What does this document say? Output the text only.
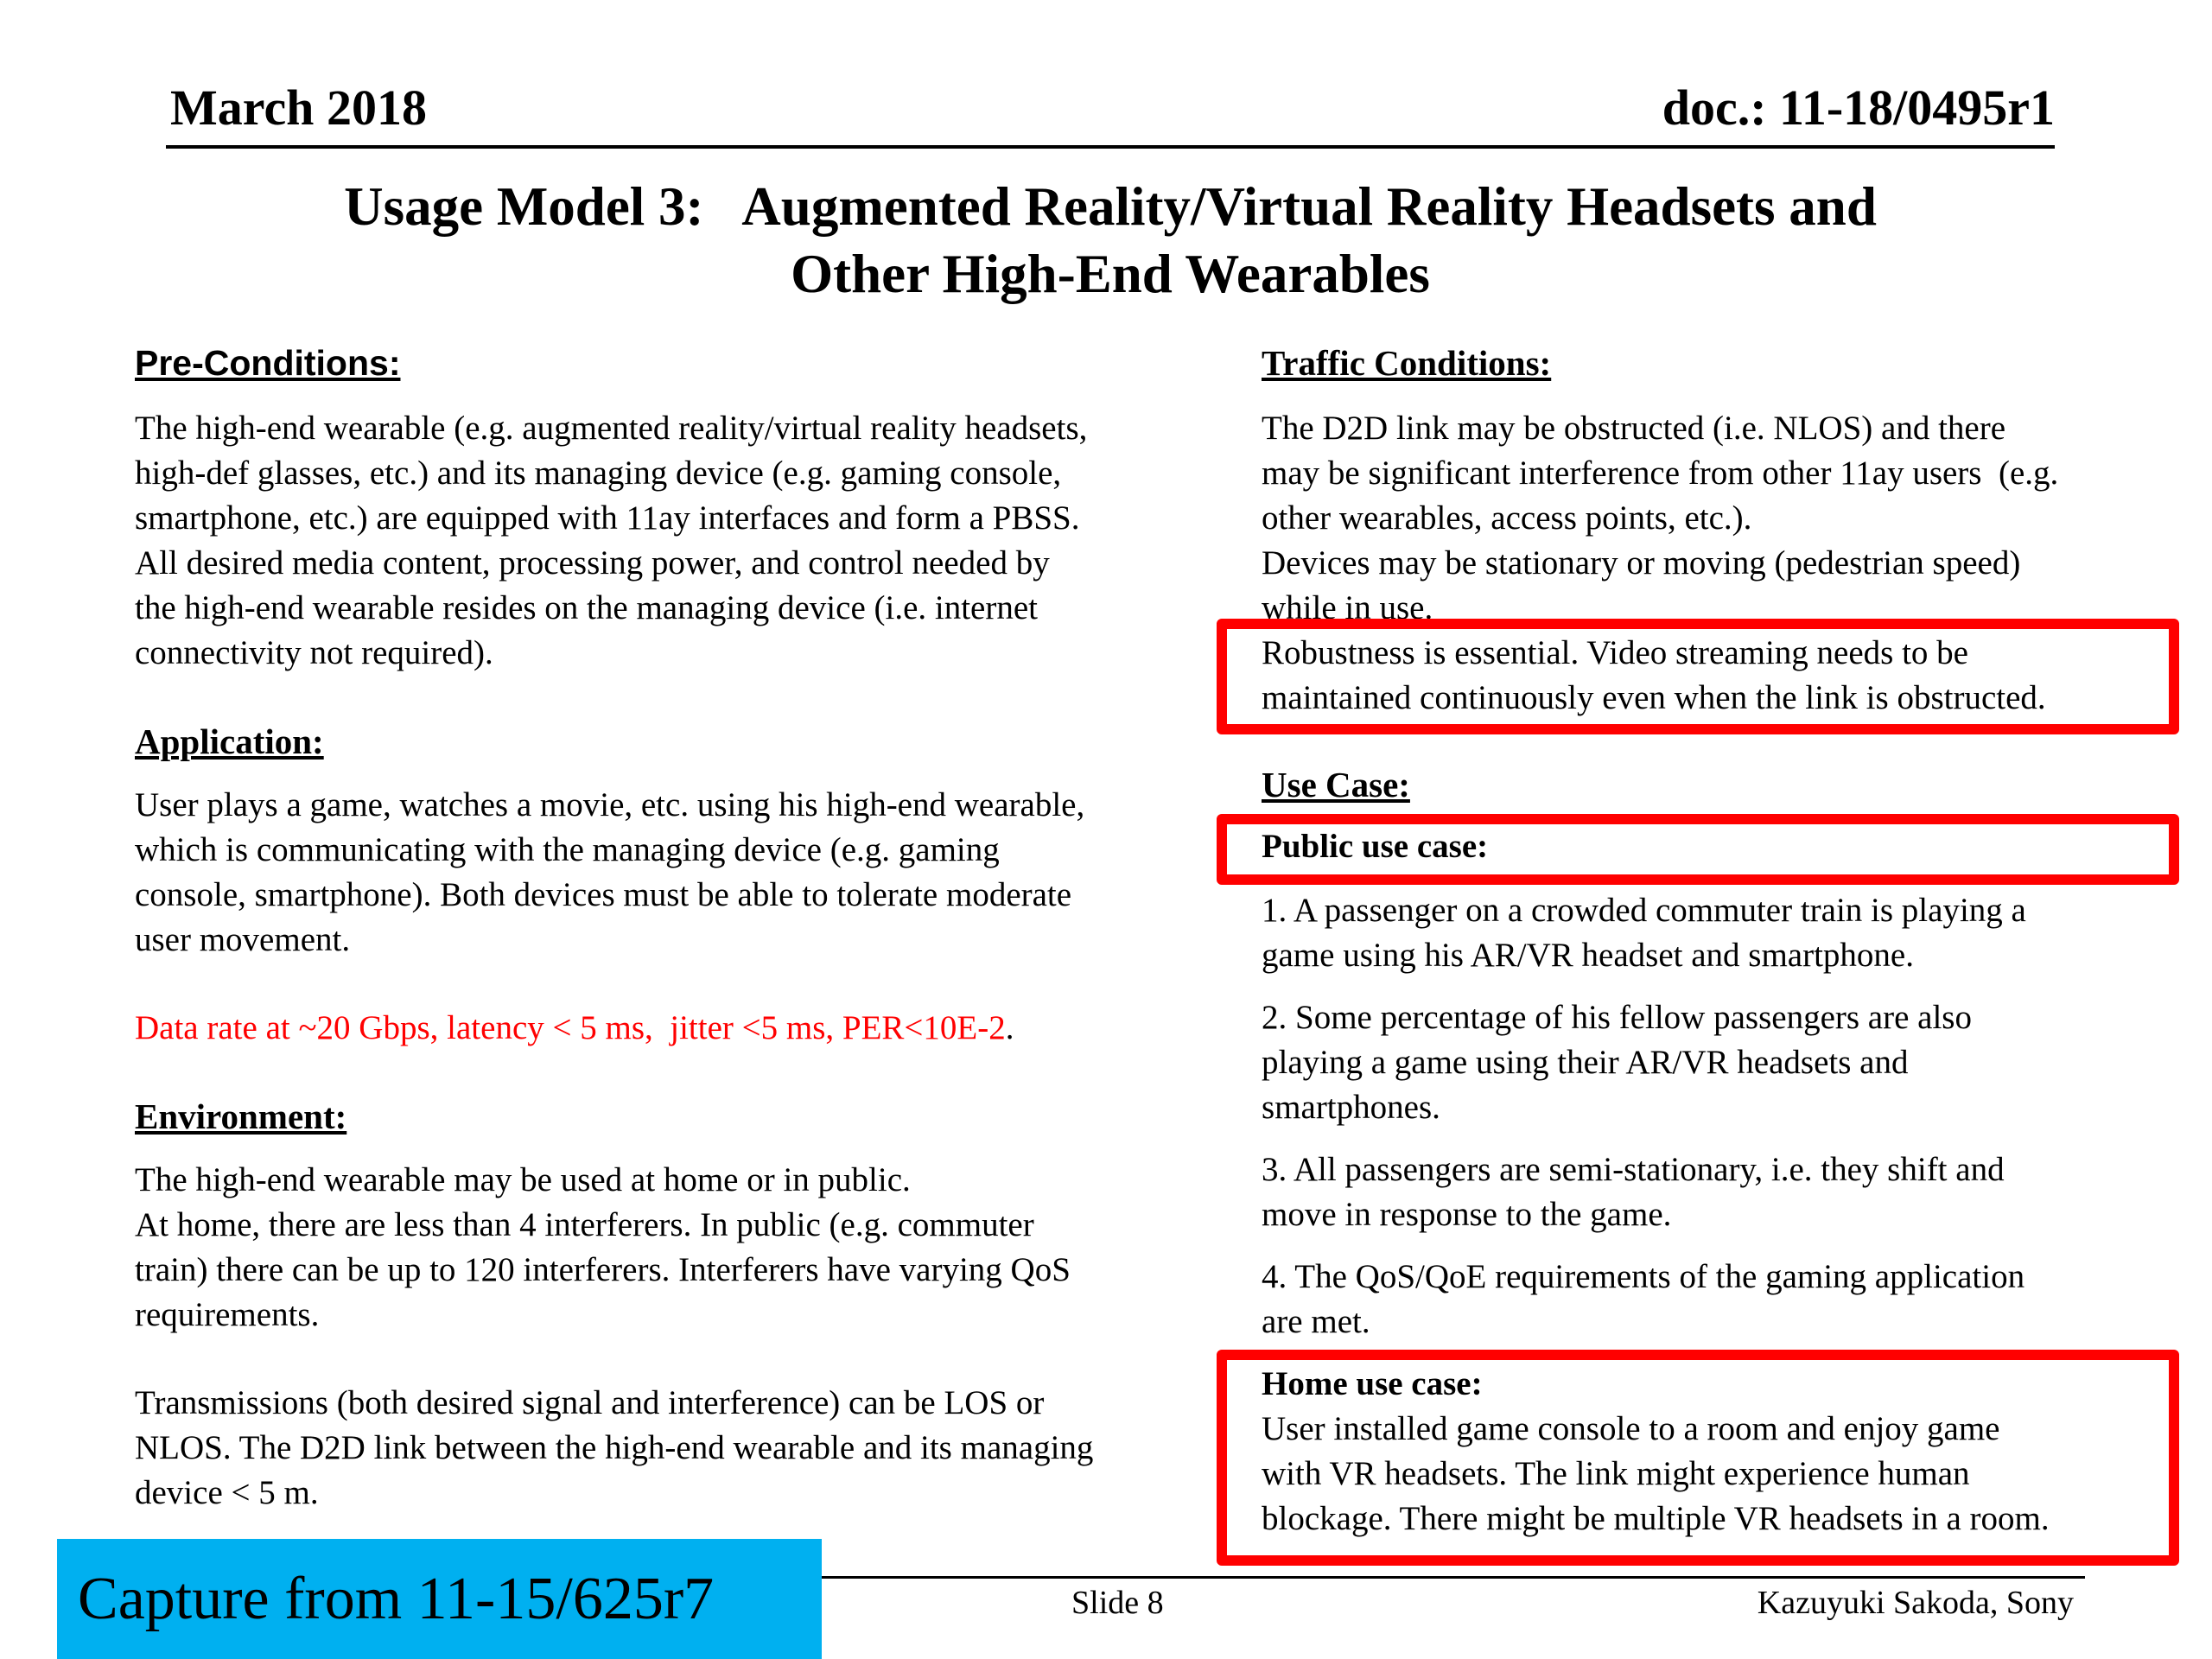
March 2018	doc.: 11-18/0495r1
Usage Model 3:   Augmented Reality/Virtual Reality Headsets and
Other High-End Wearables
Pre-Conditions:
The high-end wearable (e.g. augmented reality/virtual reality headsets,
high-def glasses, etc.) and its managing device (e.g. gaming console,
smartphone, etc.) are equipped with 11ay interfaces and form a PBSS.
All desired media content, processing power, and control needed by
the high-end wearable resides on the managing device (i.e. internet
connectivity not required).
Application:
User plays a game, watches a movie, etc. using his high-end wearable,
which is communicating with the managing device (e.g. gaming
console, smartphone). Both devices must be able to tolerate moderate
user movement.
Data rate at ~20 Gbps, latency < 5 ms,  jitter <5 ms, PER<10E-2.
Environment:
The high-end wearable may be used at home or in public.
At home, there are less than 4 interferers. In public (e.g. commuter
train) there can be up to 120 interferers. Interferers have varying QoS
requirements.
Transmissions (both desired signal and interference) can be LOS or
NLOS. The D2D link between the high-end wearable and its managing
device < 5 m.
Traffic Conditions:
The D2D link may be obstructed (i.e. NLOS) and there
may be significant interference from other 11ay users  (e.g.
other wearables, access points, etc.).
Devices may be stationary or moving (pedestrian speed)
while in use.
Robustness is essential. Video streaming needs to be
maintained continuously even when the link is obstructed.
Use Case:
Public use case:
1. A passenger on a crowded commuter train is playing a
game using his AR/VR headset and smartphone.
2. Some percentage of his fellow passengers are also
playing a game using their AR/VR headsets and
smartphones.
3. All passengers are semi-stationary, i.e. they shift and
move in response to the game.
4. The QoS/QoE requirements of the gaming application
are met.
Home use case:
User installed game console to a room and enjoy game
with VR headsets. The link might experience human
blockage. There might be multiple VR headsets in a room.
Capture from 11-15/625r7	Slide 8	Kazuyuki Sakoda, Sony
